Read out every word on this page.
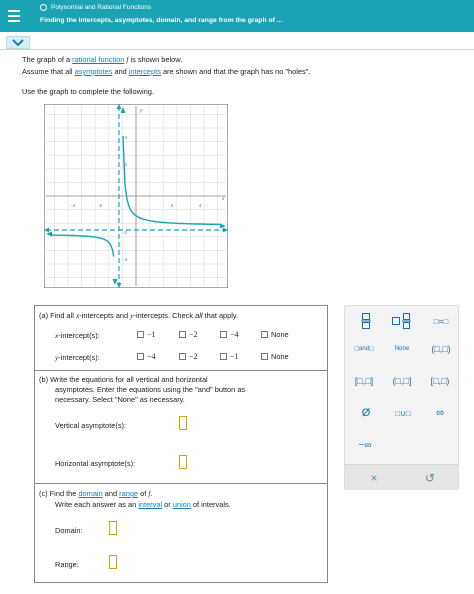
Polynomial and Rational Functions
Finding the intercepts, asymptotes, domain, and range from the graph of ...
The graph of a rational function f is shown below.
Assume that all asymptotes and intercepts are shown and that the graph has no "holes".
Use the graph to complete the following.
-4	-2	2	4
4
2
-2
-4
y
x
(a) Find all x-intercepts and y-intercepts. Check all that apply.
x-intercept(s):	−1	−2	−4	None
y-intercept(s):	−4	−2	−1	None
(b) Write the equations for all vertical and horizontal
asymptotes. Enter the equations using the "and" button as
necessary. Select "None" as necessary.
Vertical asymptote(s):
Horizontal asymptote(s):
(c) Find the domain and range of f.
Write each answer as an interval or union of intervals.
Domain:
Range:
□=□
□ and □	None	(□,□)
[□,□]	(□,□]	[□,□)
Ø	□∪□	∞
−∞
×	↺
